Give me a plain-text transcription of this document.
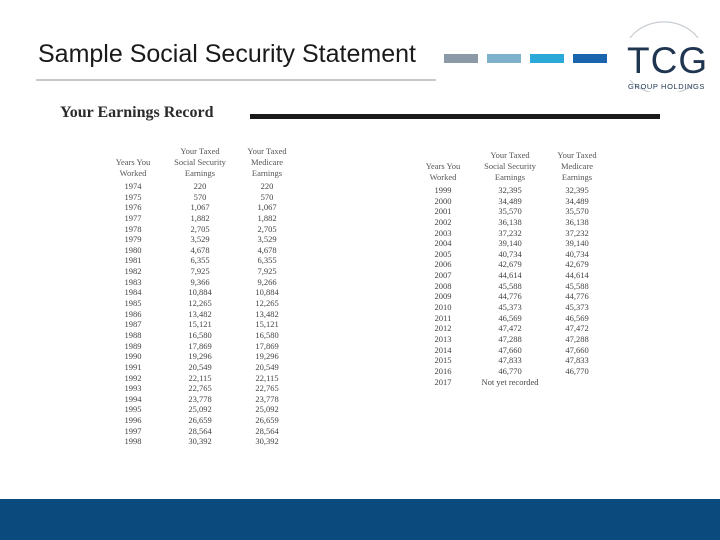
Sample Social Security Statement	TCG
GROUP HOLDINGS
Your Earnings Record
Years You
Worked
Your Taxed
Social Security
Earnings
Your Taxed
Medicare
Earnings
Years You
Worked
Your Taxed
Social Security
Earnings
Your Taxed
Medicare
Earnings
1974	220	220
1975	570	570
1976	1,067	1,067
1977	1,882	1,882
1978	2,705	2,705
1979	3,529	3,529
1980	4,678	4,678
1981	6,355	6,355
1982	7,925	7,925
1983	9,366	9,266
1984	10,884	10,884
1985	12,265	12,265
1986	13,482	13,482
1987	15,121	15,121
1988	16,580	16,580
1989	17,869	17,869
1990	19,296	19,296
1991	20,549	20,549
1992	22,115	22,115
1993	22,765	22,765
1994	23,778	23,778
1995	25,092	25,092
1996	26,659	26,659
1997	28,564	28,564
1998	30,392	30,392
1999	32,395	32,395
2000	34,489	34,489
2001	35,570	35,570
2002	36,138	36,138
2003	37,232	37,232
2004	39,140	39,140
2005	40,734	40,734
2006	42,679	42,679
2007	44,614	44,614
2008	45,588	45,588
2009	44,776	44,776
2010	45,373	45,373
2011	46,569	46,569
2012	47,472	47,472
2013	47,288	47,288
2014	47,660	47,660
2015	47,833	47,833
2016	46,770	46,770
2017	Not yet recorded
